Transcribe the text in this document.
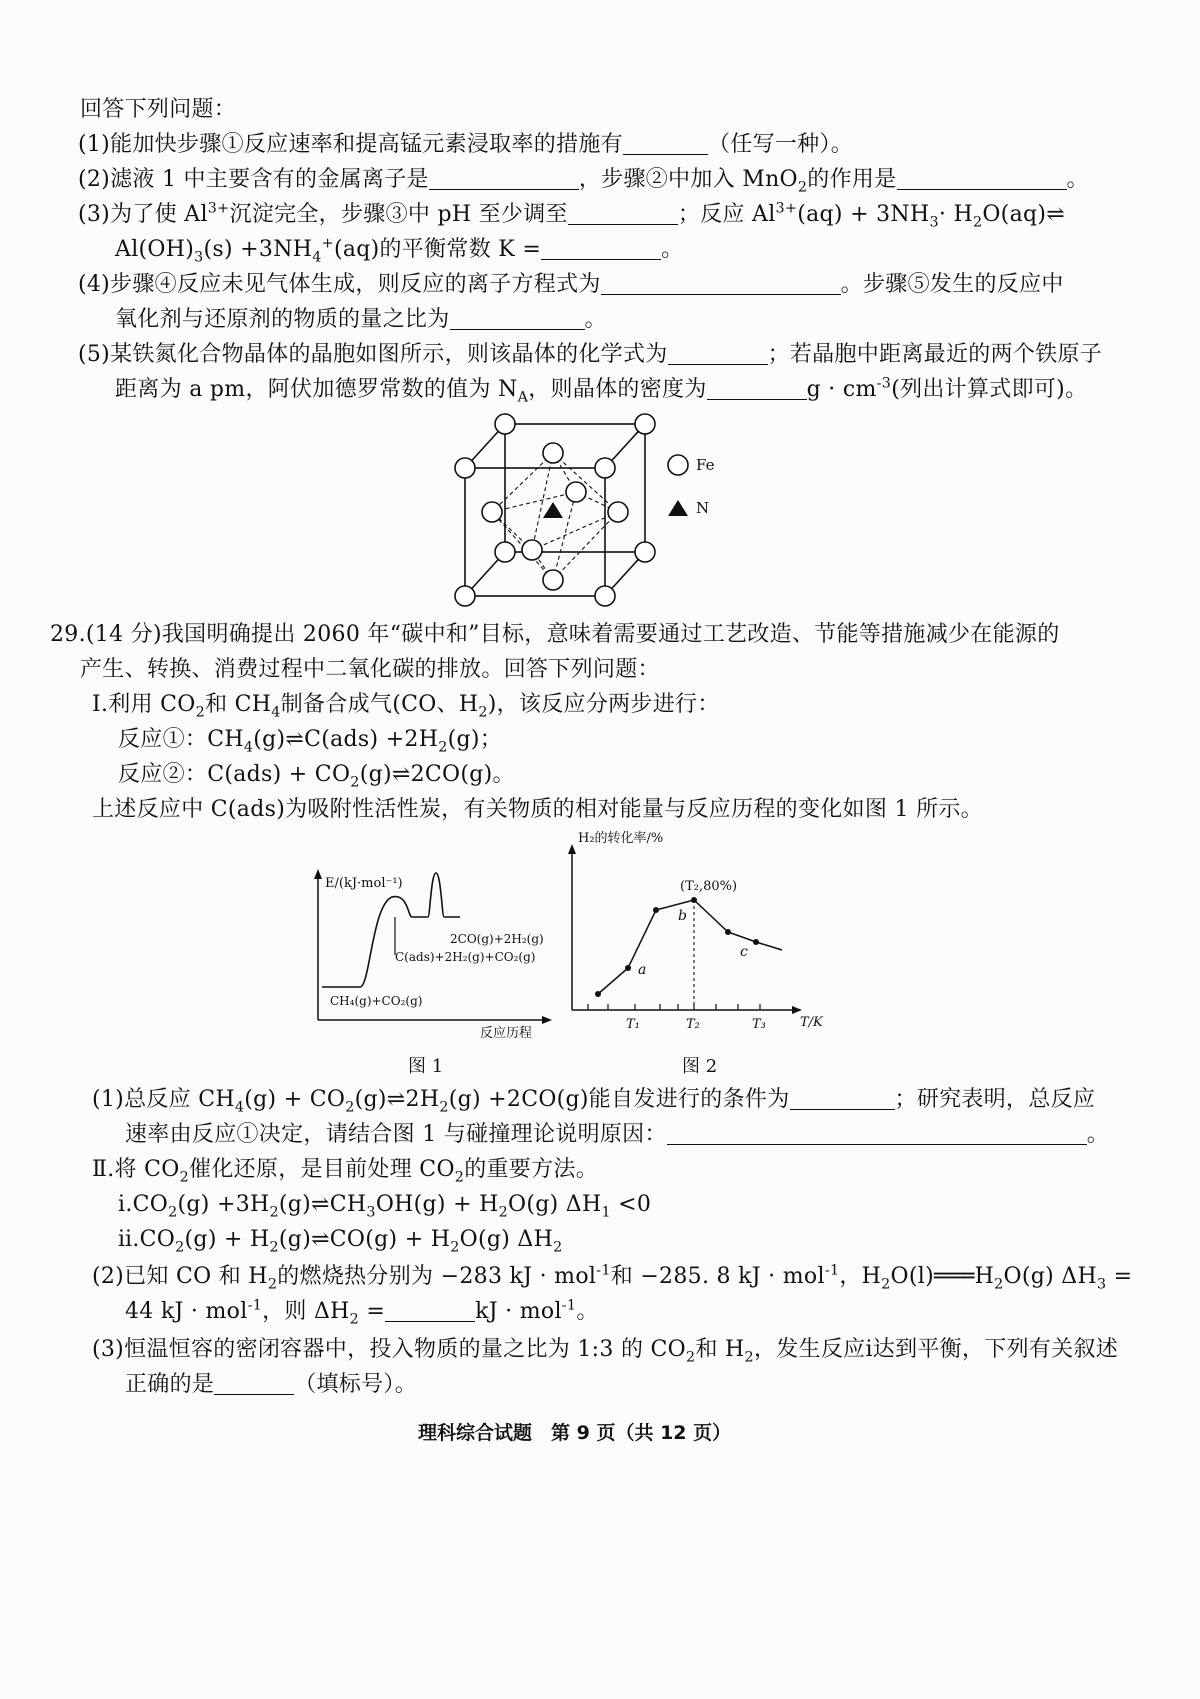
回答下列问题：
(1)能加快步骤①反应速率和提高锰元素浸取率的措施有	（任写一种）。
(2)滤液 1 中主要含有的金属离子是	，步骤②中加入 MnO$_2$的作用是	。
(3)为了使 $Al^{3+}$沉淀完全，步骤③中 pH 至少调至	；反应 $Al^{3+}(aq) + 3NH_3\cdot$ $H_2O(aq)\rightleftharpoons$
$Al(OH)_3(s) +3NH_4^+(aq)$的平衡常数 K =	。
(4)步骤④反应未见气体生成，则反应的离子方程式为	。步骤⑤发生的反应中
氧化剂与还原剂的物质的量之比为	。
(5)某铁氮化合物晶体的晶胞如图所示，则该晶体的化学式为	；若晶胞中距离最近的两个铁原子
距离为 a pm，阿伏加德罗常数的值为 $N_A$，则晶体的密度为	$g \cdot cm^{-3}$(列出计算式即可)。
Fe
N
29.(14 分)我国明确提出 2060 年“碳中和”目标，意味着需要通过工艺改造、节能等措施减少在能源的
产生、转换、消费过程中二氧化碳的排放。回答下列问题：
Ⅰ.利用 $CO_2$和 $CH_4$制备合成气(CO、$H_2$)，该反应分两步进行：
反应①：$CH_4(g)\rightleftharpoons C(ads) +2H_2(g)$；
反应②：$C(ads) + CO_2(g)\rightleftharpoons 2CO(g)$。
上述反应中 C(ads)为吸附性活性炭，有关物质的相对能量与反应历程的变化如图 1 所示。
E/(kJ·mol⁻¹)
反应历程
2CO(g)+2H₂(g)
C(ads)+2H₂(g)+CO₂(g)
CH₄(g)+CO₂(g)
图 1
H₂的转化率/%
(T₂,80%)
a
b
c
T₁	T₂	T₃	T/K
图 2
(1)总反应 $CH_4(g)$ + $CO_2(g)\rightleftharpoons 2H_2(g) +2CO(g)$能自发进行的条件为	；研究表明，总反应
速率由反应①决定，请结合图 1 与碰撞理论说明原因：	。
Ⅱ.将 $CO_2$催化还原，是目前处理 $CO_2$的重要方法。
$ⅰ.CO_2(g)$ $+3H_2(g)\rightleftharpoons CH_3OH(g) + H_2O(g)$ $\Delta H_1 <0$
$ⅱ.CO_2(g)$ + $H_2(g)\rightleftharpoons CO(g) + H_2O(g)$ $\Delta H_2$
(2)已知 CO 和 $H_2$的燃烧热分别为 −283 kJ · mol$^{-1}$和 −285. 8 kJ · mol$^{-1}$，$H_2O(l)═══H_2O(g) \Delta H_3$ =
44 kJ · mol$^{-1}$，则 $\Delta H_2$ =	kJ · mol$^{-1}$。
(3)恒温恒容的密闭容器中，投入物质的量之比为 1:3 的 $CO_2$和 $H_2$，发生反应ⅰ达到平衡，下列有关叙述
正确的是	（填标号）。
理科综合试题　第 9 页（共 12 页）
